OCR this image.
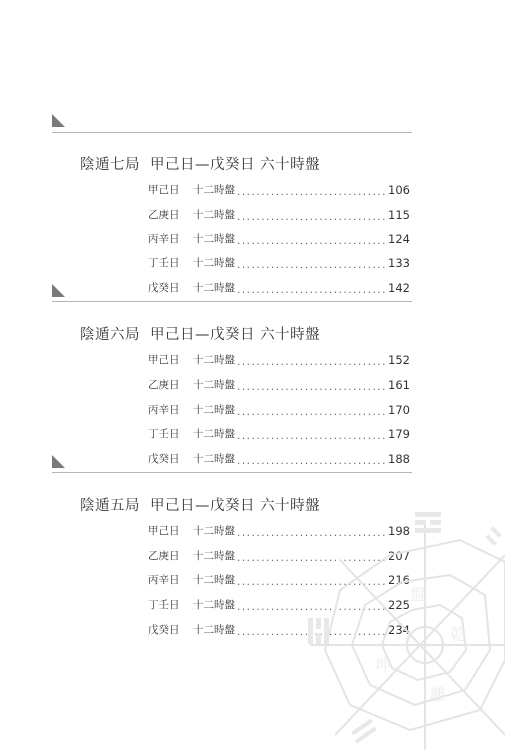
陰遁七局 甲己日—戊癸日 六十時盤
甲己日	十二時盤 .....	106
乙庚日	十二時盤 .....	115
丙辛日	十二時盤 .....	124
丁壬日	十二時盤 .....	133
戊癸日	十二時盤 .....	142
陰遁六局 甲己日—戊癸日 六十時盤
甲己日	十二時盤 .....	152
乙庚日	十二時盤 .....	161
丙辛日	十二時盤 .....	170
丁壬日	十二時盤 .....	179
戊癸日	十二時盤 .....	188
陰遁五局 甲己日—戊癸日 六十時盤
甲己日	十二時盤 .....	198
乙庚日	十二時盤 .....	207
丙辛日	十二時盤 .....	216
丁壬日	十二時盤 .....	225
戊癸日	十二時盤 .....	234
盤
乾
坤
離
